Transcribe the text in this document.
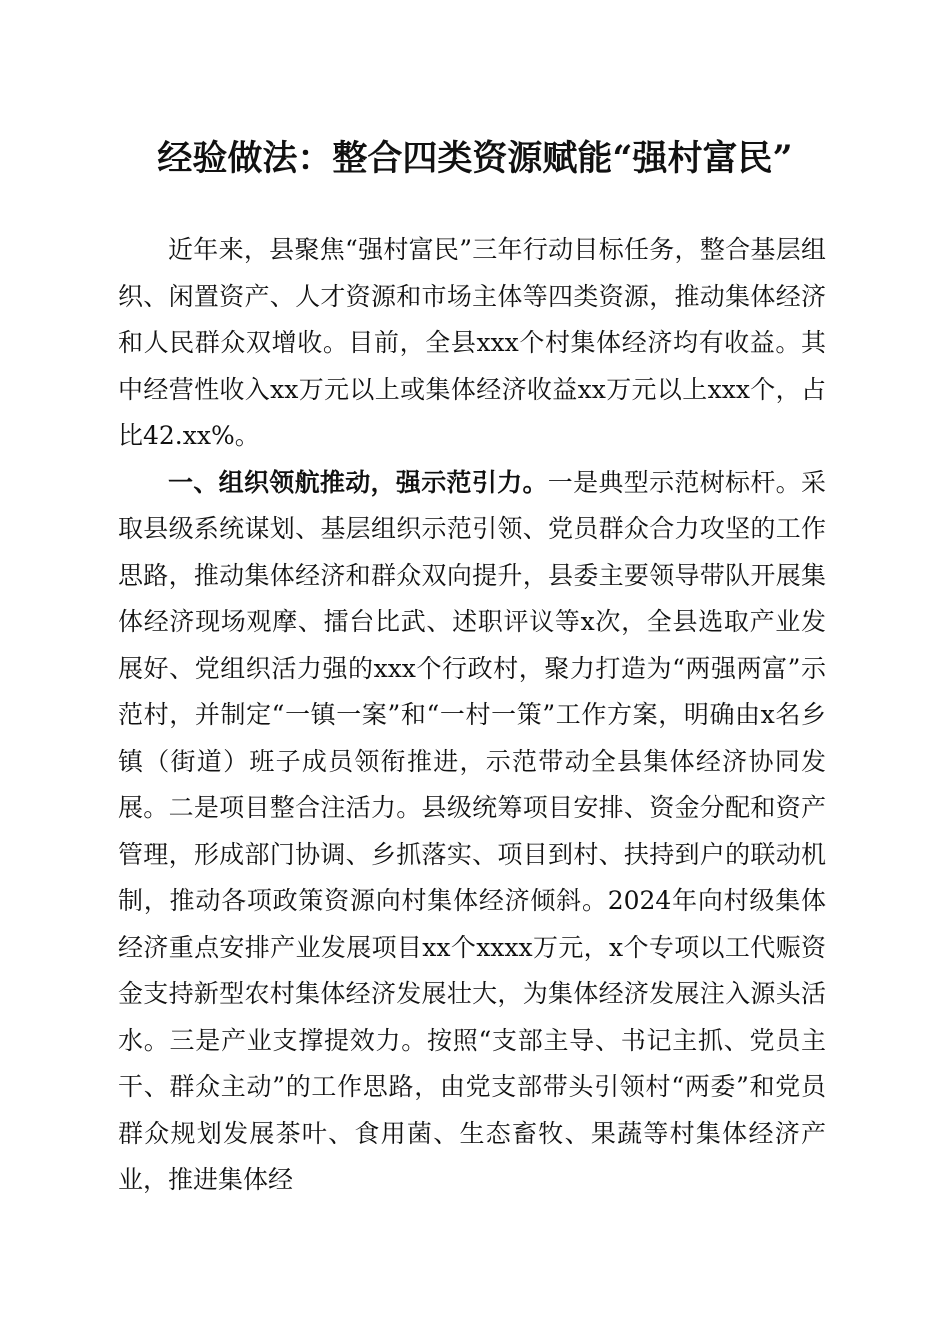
经验做法：整合四类资源赋能“强村富民”

近年来，县聚焦“强村富民”三年行动目标任务，整合基层组织、闲置资产、人才资源和市场主体等四类资源，推动集体经济和人民群众双增收。目前，全县xxx个村集体经济均有收益。其中经营性收入xx万元以上或集体经济收益xx万元以上xxx个，占比42.xx%。

一、组织领航推动，强示范引力。一是典型示范树标杆。采取县级系统谋划、基层组织示范引领、党员群众合力攻坚的工作思路，推动集体经济和群众双向提升，县委主要领导带队开展集体经济现场观摩、擂台比武、述职评议等x次，全县选取产业发展好、党组织活力强的xxx个行政村，聚力打造为“两强两富”示范村，并制定“一镇一案”和“一村一策”工作方案，明确由x名乡镇（街道）班子成员领衔推进，示范带动全县集体经济协同发展。二是项目整合注活力。县级统筹项目安排、资金分配和资产管理，形成部门协调、乡抓落实、项目到村、扶持到户的联动机制，推动各项政策资源向村集体经济倾斜。2024年向村级集体经济重点安排产业发展项目xx个xxxx万元，x个专项以工代赈资金支持新型农村集体经济发展壮大，为集体经济发展注入源头活水。三是产业支撑提效力。按照“支部主导、书记主抓、党员主干、群众主动”的工作思路，由党支部带头引领村“两委”和党员群众规划发展茶叶、食用菌、生态畜牧、果蔬等村集体经济产业，推进集体经
